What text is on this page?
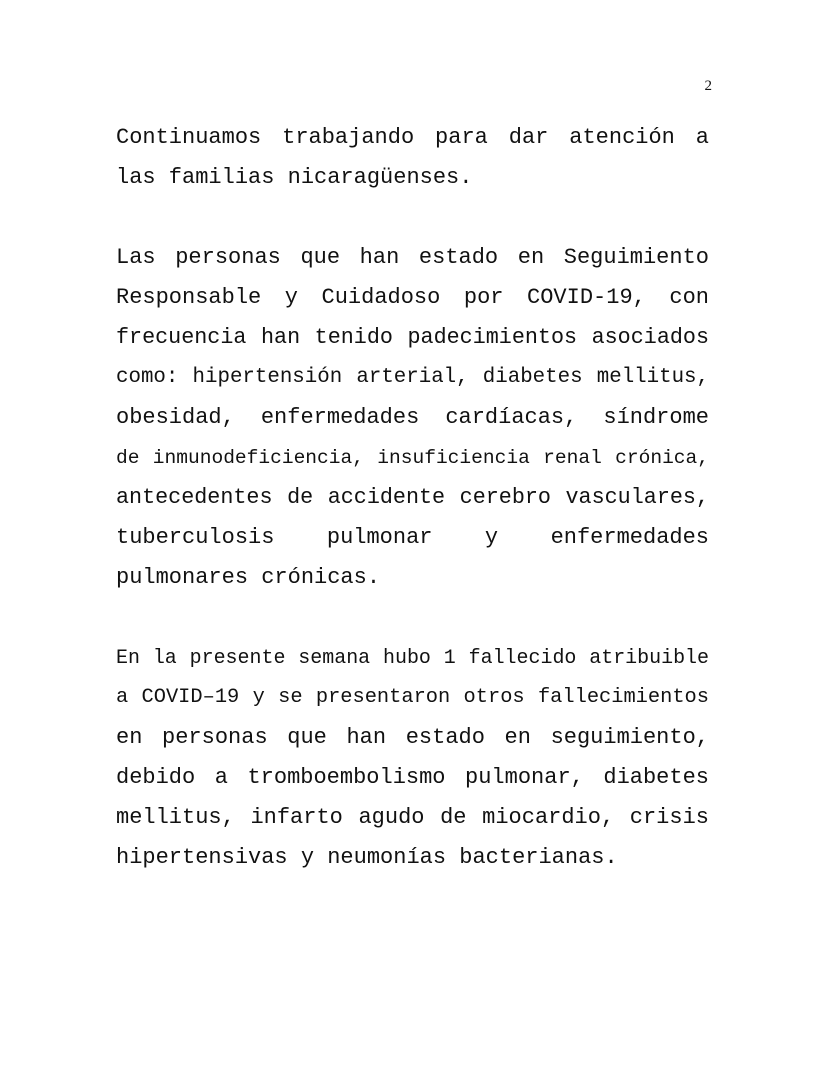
2

Continuamos trabajando para dar atención a
las familias nicaragüenses.

Las personas que han estado en Seguimiento
Responsable y Cuidadoso por COVID-19, con
frecuencia han tenido padecimientos asociados
como: hipertensión arterial, diabetes mellitus,
obesidad, enfermedades cardíacas, síndrome
de inmunodeficiencia, insuficiencia renal crónica,
antecedentes de accidente cerebro vasculares,
tuberculosis pulmonar y enfermedades
pulmonares crónicas.

En la presente semana hubo 1 fallecido atribuible
a COVID–19 y se presentaron otros fallecimientos
en personas que han estado en seguimiento,
debido a tromboembolismo pulmonar, diabetes
mellitus, infarto agudo de miocardio, crisis
hipertensivas y neumonías bacterianas.
